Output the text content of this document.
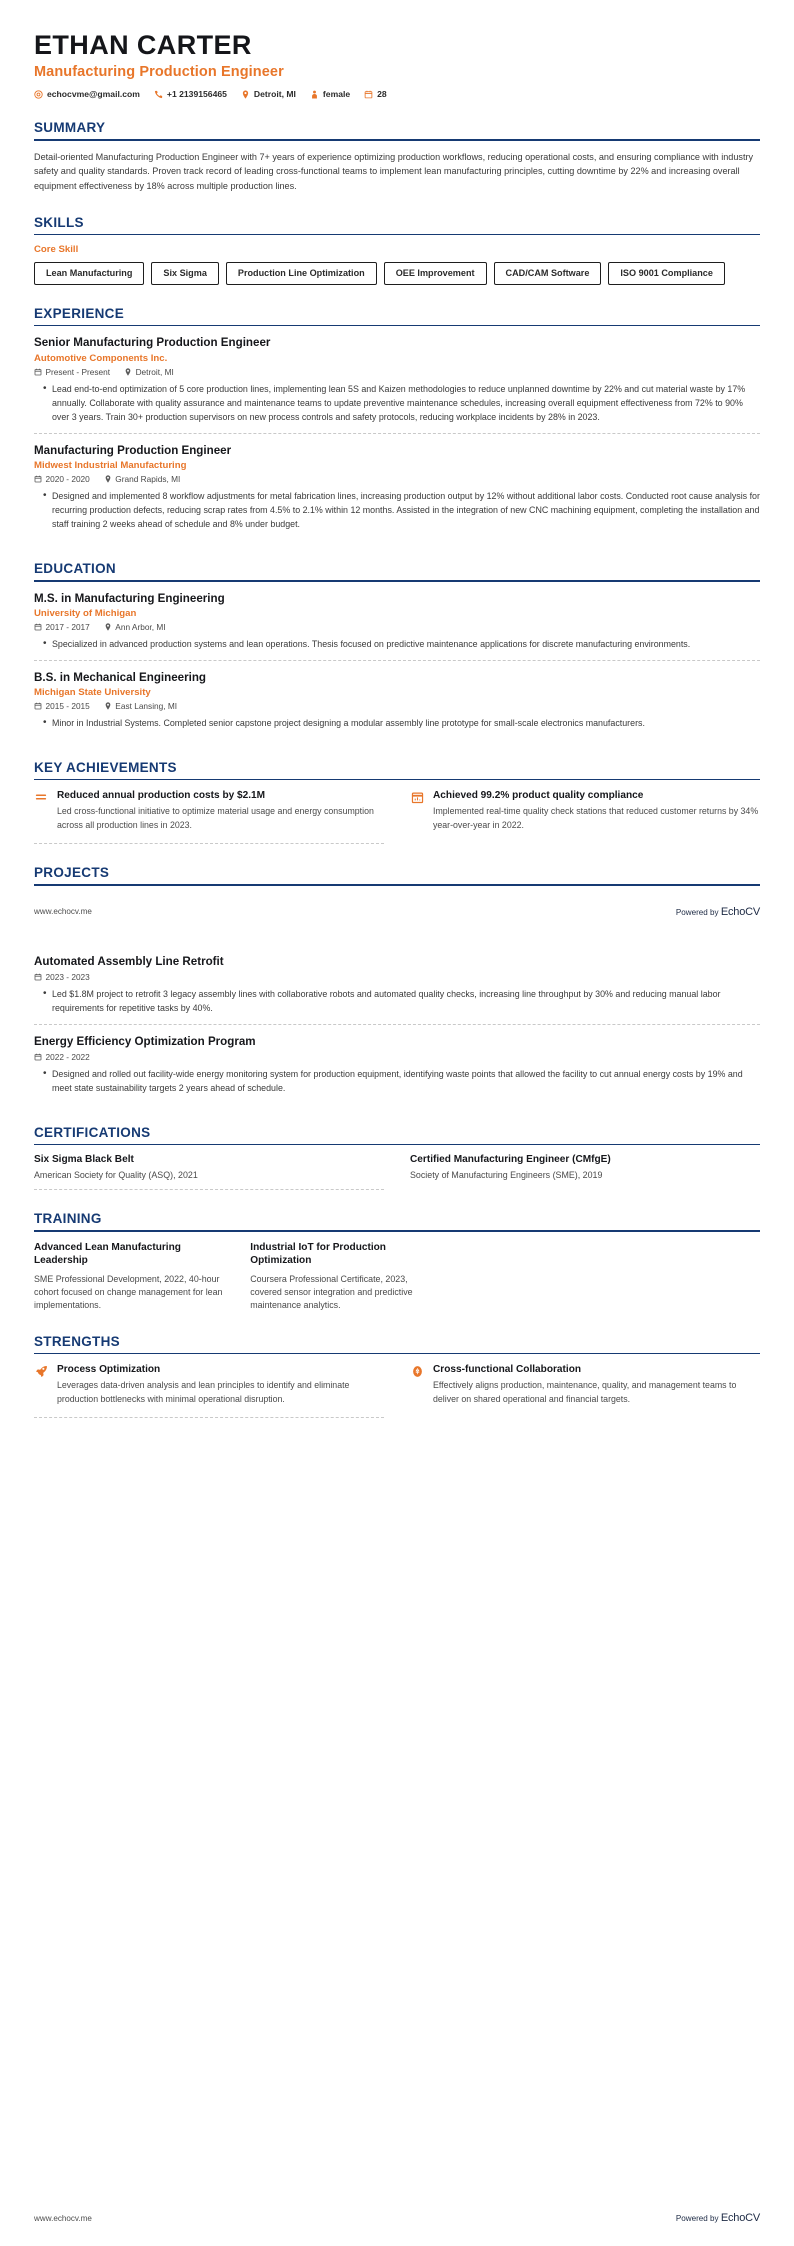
ETHAN CARTER
Manufacturing Production Engineer
echocvme@gmail.com	+1 2139156465	Detroit, MI	female	28
SUMMARY
Detail-oriented Manufacturing Production Engineer with 7+ years of experience optimizing production workflows, reducing operational costs, and ensuring compliance with industry safety and quality standards. Proven track record of leading cross-functional teams to implement lean manufacturing principles, cutting downtime by 22% and increasing overall equipment effectiveness by 18% across multiple production lines.
SKILLS
Core Skill
Lean Manufacturing	Six Sigma	Production Line Optimization	OEE Improvement	CAD/CAM Software	ISO 9001 Compliance
EXPERIENCE
Senior Manufacturing Production Engineer
Automotive Components Inc.
Present - Present	Detroit, MI
• Lead end-to-end optimization of 5 core production lines, implementing lean 5S and Kaizen methodologies to reduce unplanned downtime by 22% and cut material waste by 17% annually. Collaborate with quality assurance and maintenance teams to update preventive maintenance schedules, increasing overall equipment effectiveness from 72% to 90% over 3 years. Train 30+ production supervisors on new process controls and safety protocols, reducing workplace incidents by 28% in 2023.
Manufacturing Production Engineer
Midwest Industrial Manufacturing
2020 - 2020	Grand Rapids, MI
• Designed and implemented 8 workflow adjustments for metal fabrication lines, increasing production output by 12% without additional labor costs. Conducted root cause analysis for recurring production defects, reducing scrap rates from 4.5% to 2.1% within 12 months. Assisted in the integration of new CNC machining equipment, completing the installation and staff training 2 weeks ahead of schedule and 8% under budget.
EDUCATION
M.S. in Manufacturing Engineering
University of Michigan
2017 - 2017	Ann Arbor, MI
• Specialized in advanced production systems and lean operations. Thesis focused on predictive maintenance applications for discrete manufacturing environments.
B.S. in Mechanical Engineering
Michigan State University
2015 - 2015	East Lansing, MI
• Minor in Industrial Systems. Completed senior capstone project designing a modular assembly line prototype for small-scale electronics manufacturers.
KEY ACHIEVEMENTS
Reduced annual production costs by $2.1M
Led cross-functional initiative to optimize material usage and energy consumption across all production lines in 2023.
Achieved 99.2% product quality compliance
Implemented real-time quality check stations that reduced customer returns by 34% year-over-year in 2022.
PROJECTS
www.echocv.me	Powered by EchoCV
Automated Assembly Line Retrofit
2023 - 2023
• Led $1.8M project to retrofit 3 legacy assembly lines with collaborative robots and automated quality checks, increasing line throughput by 30% and reducing manual labor requirements for repetitive tasks by 40%.
Energy Efficiency Optimization Program
2022 - 2022
• Designed and rolled out facility-wide energy monitoring system for production equipment, identifying waste points that allowed the facility to cut annual energy costs by 19% and meet state sustainability targets 2 years ahead of schedule.
CERTIFICATIONS
Six Sigma Black Belt
American Society for Quality (ASQ), 2021
Certified Manufacturing Engineer (CMfgE)
Society of Manufacturing Engineers (SME), 2019
TRAINING
Advanced Lean Manufacturing Leadership
SME Professional Development, 2022, 40-hour cohort focused on change management for lean implementations.
Industrial IoT for Production Optimization
Coursera Professional Certificate, 2023, covered sensor integration and predictive maintenance analytics.
STRENGTHS
Process Optimization
Leverages data-driven analysis and lean principles to identify and eliminate production bottlenecks with minimal operational disruption.
Cross-functional Collaboration
Effectively aligns production, maintenance, quality, and management teams to deliver on shared operational and financial targets.
www.echocv.me	Powered by EchoCV
